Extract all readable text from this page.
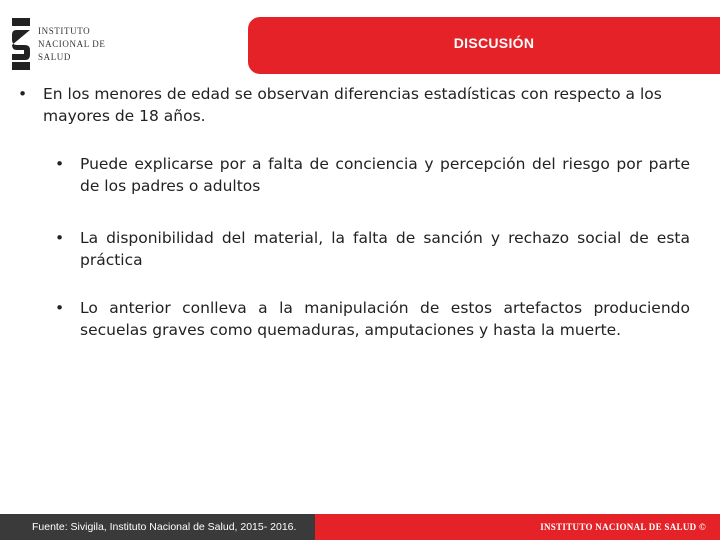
INSTITUTO
NACIONAL DE
SALUD
DISCUSIÓN
• En los menores de edad se observan diferencias estadísticas con respecto a los mayores de 18 años.
• Puede explicarse por a falta de conciencia y percepción del riesgo por parte de los padres o adultos
• La disponibilidad del material, la falta de sanción y rechazo social de esta práctica
• Lo anterior conlleva a la manipulación de estos artefactos produciendo secuelas graves como quemaduras, amputaciones y hasta la muerte.
Fuente: Sivigila, Instituto Nacional de Salud, 2015- 2016.	INSTITUTO NACIONAL DE SALUD ©
